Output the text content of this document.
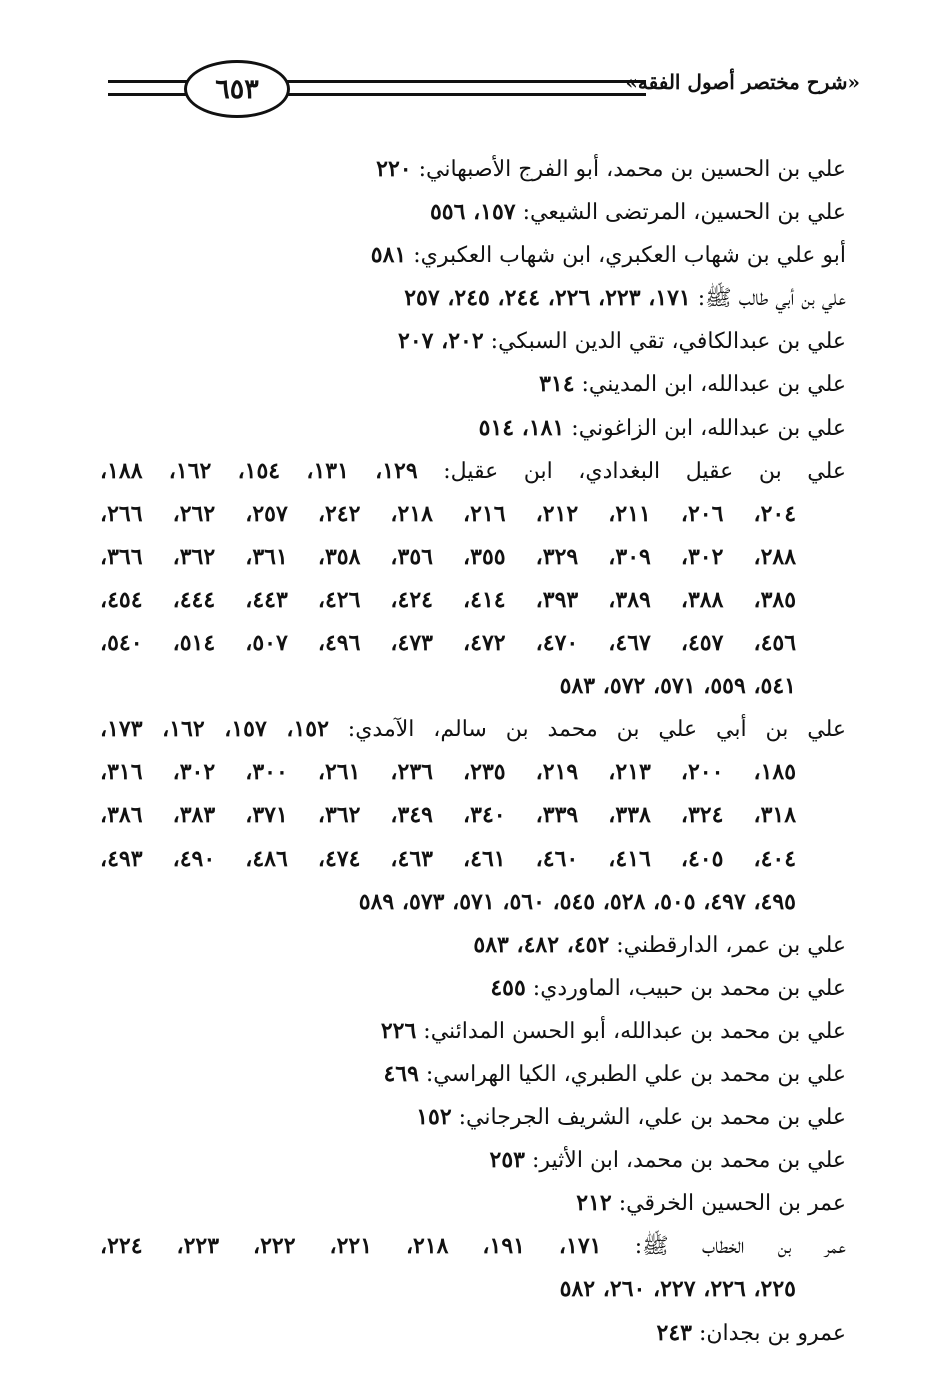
٦٥٣	«شرح مختصر أصول الفقه»
علي بن الحسين بن محمد، أبو الفرج الأصبهاني: ٢٢٠
علي بن الحسين، المرتضى الشيعي: ١٥٧، ٥٥٦
أبو علي بن شهاب العكبري، ابن شهاب العكبري: ٥٨١
علي بن أبي طالب ﷺ: ١٧١، ٢٢٣، ٢٢٦، ٢٤٤، ٢٤٥، ٢٥٧
علي بن عبدالكافي، تقي الدين السبكي: ٢٠٢، ٢٠٧
علي بن عبدالله، ابن المديني: ٣١٤
علي بن عبدالله، ابن الزاغوني: ١٨١، ٥١٤
علي بن عقيل البغدادي، ابن عقيل: ١٢٩، ١٣١، ١٥٤، ١٦٢، ١٨٨،
٢٠٤، ٢٠٦، ٢١١، ٢١٢، ٢١٦، ٢١٨، ٢٤٢، ٢٥٧، ٢٦٢، ٢٦٦،
٢٨٨، ٣٠٢، ٣٠٩، ٣٢٩، ٣٥٥، ٣٥٦، ٣٥٨، ٣٦١، ٣٦٢، ٣٦٦،
٣٨٥، ٣٨٨، ٣٨٩، ٣٩٣، ٤١٤، ٤٢٤، ٤٢٦، ٤٤٣، ٤٤٤، ٤٥٤،
٤٥٦، ٤٥٧، ٤٦٧، ٤٧٠، ٤٧٢، ٤٧٣، ٤٩٦، ٥٠٧، ٥١٤، ٥٤٠،
٥٤١، ٥٥٩، ٥٧١، ٥٧٢، ٥٨٣
علي بن أبي علي بن محمد بن سالم، الآمدي: ١٥٢، ١٥٧، ١٦٢، ١٧٣،
١٨٥، ٢٠٠، ٢١٣، ٢١٩، ٢٣٥، ٢٣٦، ٢٦١، ٣٠٠، ٣٠٢، ٣١٦،
٣١٨، ٣٢٤، ٣٣٨، ٣٣٩، ٣٤٠، ٣٤٩، ٣٦٢، ٣٧١، ٣٨٣، ٣٨٦،
٤٠٤، ٤٠٥، ٤١٦، ٤٦٠، ٤٦١، ٤٦٣، ٤٧٤، ٤٨٦، ٤٩٠، ٤٩٣،
٤٩٥، ٤٩٧، ٥٠٥، ٥٢٨، ٥٤٥، ٥٦٠، ٥٧١، ٥٧٣، ٥٨٩
علي بن عمر، الدارقطني: ٤٥٢، ٤٨٢، ٥٨٣
علي بن محمد بن حبيب، الماوردي: ٤٥٥
علي بن محمد بن عبدالله، أبو الحسن المدائني: ٢٢٦
علي بن محمد بن علي الطبري، الكيا الهراسي: ٤٦٩
علي بن محمد بن علي، الشريف الجرجاني: ١٥٢
علي بن محمد بن محمد، ابن الأثير: ٢٥٣
عمر بن الحسين الخرقي: ٢١٢
عمر بن الخطاب ﷺ: ١٧١، ١٩١، ٢١٨، ٢٢١، ٢٢٢، ٢٢٣، ٢٢٤،
٢٢٥، ٢٢٦، ٢٢٧، ٢٦٠، ٥٨٢
عمرو بن بجدان: ٢٤٣
